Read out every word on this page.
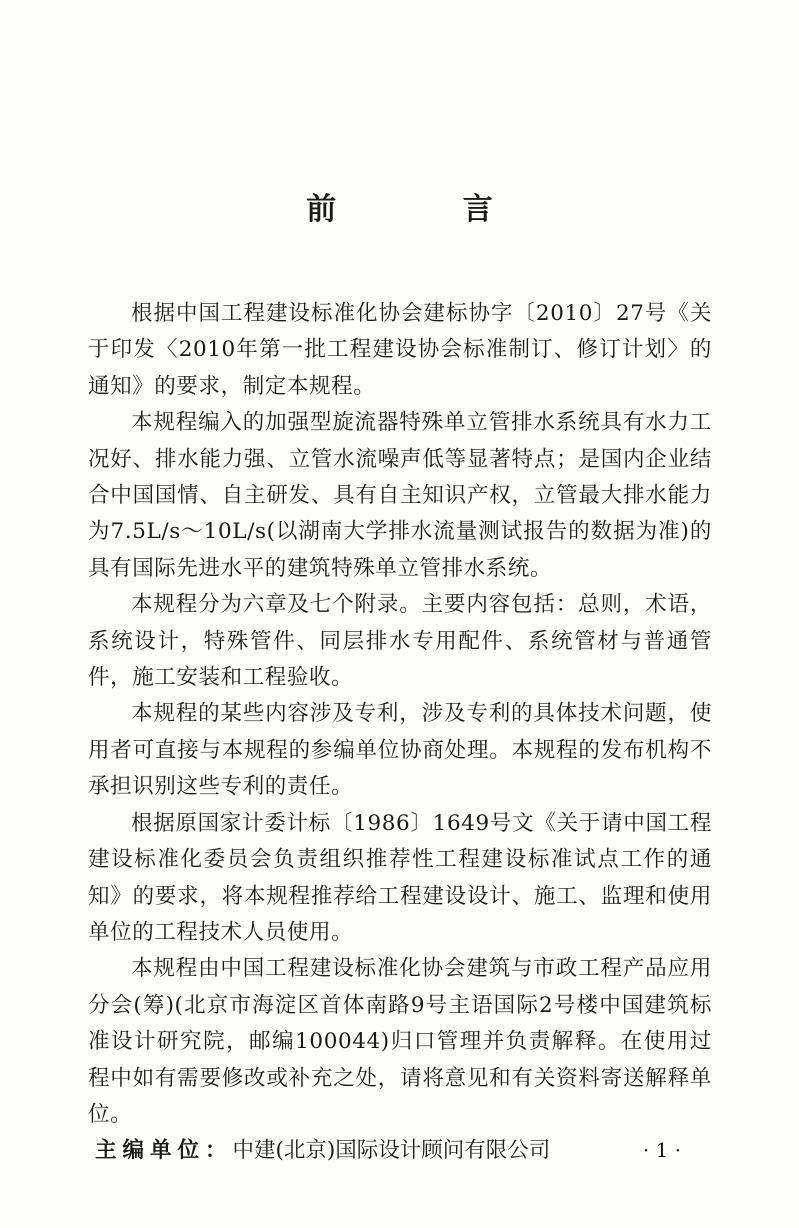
前 言

根据中国工程建设标准化协会建标协字〔2010〕27号《关于印发〈2010年第一批工程建设协会标准制订、修订计划〉的通知》的要求，制定本规程。

本规程编入的加强型旋流器特殊单立管排水系统具有水力工况好、排水能力强、立管水流噪声低等显著特点；是国内企业结合中国国情、自主研发、具有自主知识产权，立管最大排水能力为7.5L/s～10L/s(以湖南大学排水流量测试报告的数据为准)的具有国际先进水平的建筑特殊单立管排水系统。

本规程分为六章及七个附录。主要内容包括：总则，术语，系统设计，特殊管件、同层排水专用配件、系统管材与普通管件，施工安装和工程验收。

本规程的某些内容涉及专利，涉及专利的具体技术问题，使用者可直接与本规程的参编单位协商处理。本规程的发布机构不承担识别这些专利的责任。

根据原国家计委计标〔1986〕1649号文《关于请中国工程建设标准化委员会负责组织推荐性工程建设标准试点工作的通知》的要求，将本规程推荐给工程建设设计、施工、监理和使用单位的工程技术人员使用。

本规程由中国工程建设标准化协会建筑与市政工程产品应用分会(筹)(北京市海淀区首体南路9号主语国际2号楼中国建筑标准设计研究院，邮编100044)归口管理并负责解释。在使用过程中如有需要修改或补充之处，请将意见和有关资料寄送解释单位。

主编单位：中建(北京)国际设计顾问有限公司	· 1 ·
